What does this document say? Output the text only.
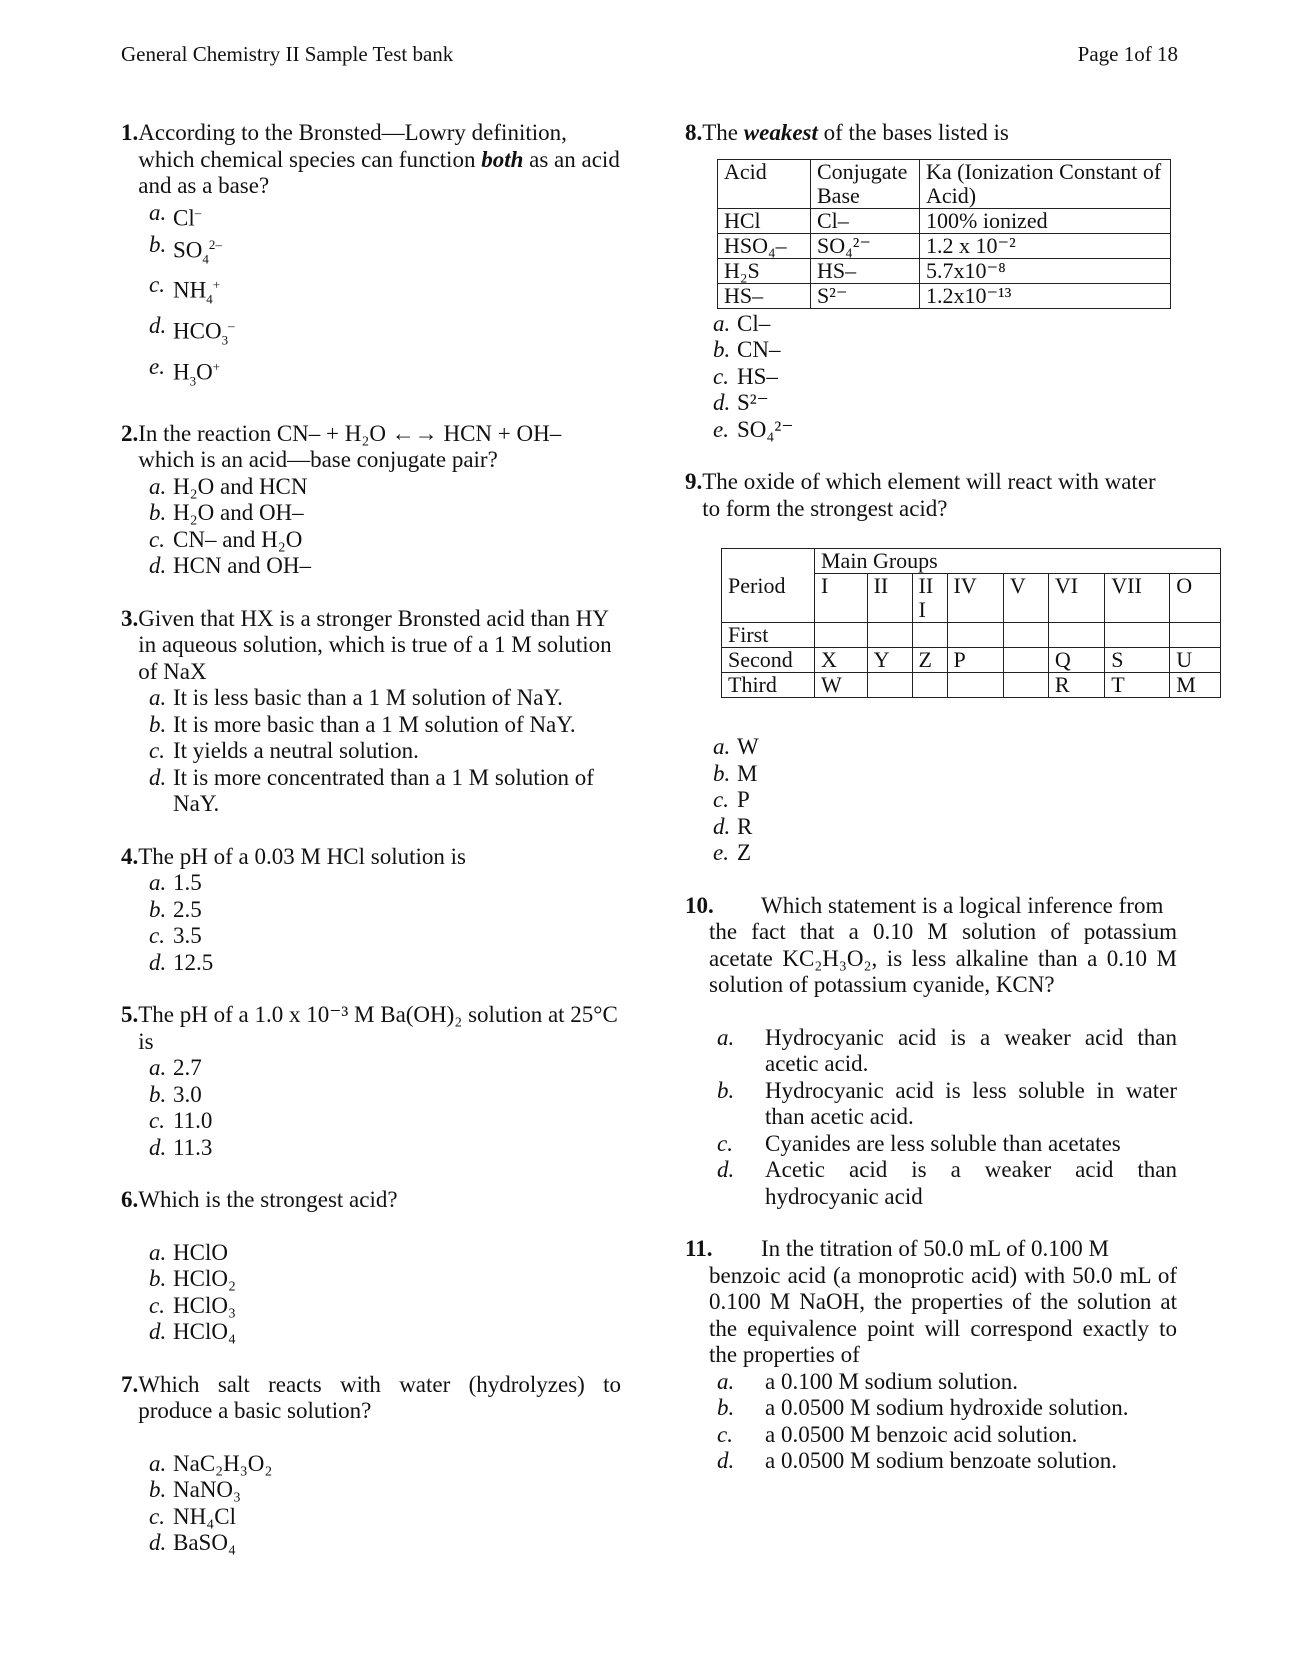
General Chemistry II Sample Test bank	Page 1of 18
1. According to the Bronsted—Lowry definition, which chemical species can function both as an acid and as a base?
a. Cl–
b. $SO_4^{2-}$
c. $NH_4^+$
d. $HCO_3^-$
e. $H_3O^+$
2. In the reaction CN– + H₂O ←→ HCN + OH– which is an acid—base conjugate pair?
a. H₂O and HCN
b. H₂O and OH–
c. CN– and H₂O
d. HCN and OH–
3. Given that HX is a stronger Bronsted acid than HY in aqueous solution, which is true of a 1 M solution of NaX
a. It is less basic than a 1 M solution of NaY.
b. It is more basic than a 1 M solution of NaY.
c. It yields a neutral solution.
d. It is more concentrated than a 1 M solution of NaY.
4. The pH of a 0.03 M HCl solution is
a. 1.5
b. 2.5
c. 3.5
d. 12.5
5. The pH of a 1.0 x 10⁻³ M Ba(OH)₂ solution at 25°C is
a. 2.7
b. 3.0
c. 11.0
d. 11.3
6. Which is the strongest acid?
a. HClO
b. HClO₂
c. HClO₃
d. HClO₄
7. Which salt reacts with water (hydrolyzes) to produce a basic solution?
a. NaC₂H₃O₂
b. NaNO₃
c. NH₄Cl
d. BaSO₄
8. The weakest of the bases listed is
Acid	Conjugate Base	Ka (Ionization Constant of Acid)
HCl	Cl–	100% ionized
HSO₄–	SO₄²⁻	1.2 x 10⁻²
H₂S	HS–	5.7x10⁻⁸
HS–	S²⁻	1.2x10⁻¹³
a. Cl–
b. CN–
c. HS–
d. S²⁻
e. SO₄²⁻
9. The oxide of which element will react with water to form the strongest acid?
	Main Groups							
Period	I	II	II I	IV	V	VI	VII	O
First								
Second	X	Y	Z	P		Q	S	U
Third	W					R	T	M
a. W
b. M
c. P
d. R
e. Z
10.	Which statement is a logical inference from
the fact that a 0.10 M solution of potassium acetate KC₂H₃O₂, is less alkaline than a 0.10 M solution of potassium cyanide, KCN?
a.	Hydrocyanic acid is a weaker acid than acetic acid.
b.	Hydrocyanic acid is less soluble in water than acetic acid.
c.	Cyanides are less soluble than acetates
d.	Acetic acid is a weaker acid than hydrocyanic acid
11.	In the titration of 50.0 mL of 0.100 M
benzoic acid (a monoprotic acid) with 50.0 mL of 0.100 M NaOH, the properties of the solution at the equivalence point will correspond exactly to the properties of
a.	a 0.100 M sodium solution.
b.	a 0.0500 M sodium hydroxide solution.
c.	a 0.0500 M benzoic acid solution.
d.	a 0.0500 M sodium benzoate solution.
